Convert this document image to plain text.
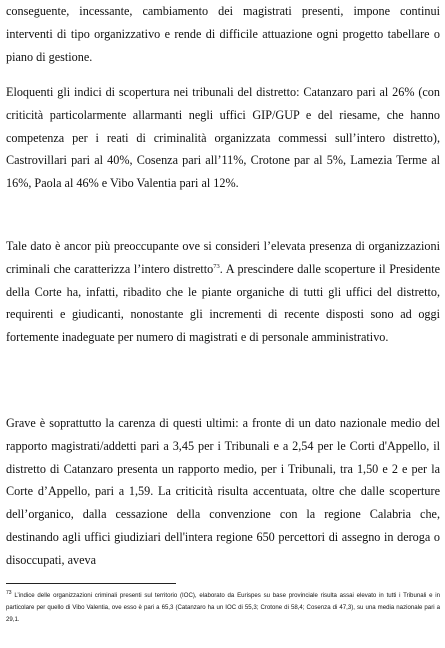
conseguente, incessante, cambiamento dei magistrati presenti, impone continui interventi di tipo organizzativo e rende di difficile attuazione ogni progetto tabellare o piano di gestione.

Eloquenti gli indici di scopertura nei tribunali del distretto: Catanzaro pari al 26% (con criticità particolarmente allarmanti negli uffici GIP/GUP e del riesame, che hanno competenza per i reati di criminalità organizzata commessi sull’intero distretto), Castrovillari pari al 40%, Cosenza pari all’11%, Crotone par al 5%, Lamezia Terme al 16%, Paola al 46% e Vibo Valentia pari al 12%.

Tale dato è ancor più preoccupante ove si consideri l’elevata presenza di organizzazioni criminali che caratterizza l’intero distretto$^{73}$. A prescindere dalle scoperture il Presidente della Corte ha, infatti, ribadito che le piante organiche di tutti gli uffici del distretto, requirenti e giudicanti, nonostante gli incrementi di recente disposti sono ad oggi fortemente inadeguate per numero di magistrati e di personale amministrativo.

Grave è soprattutto la carenza di questi ultimi: a fronte di un dato nazionale medio del rapporto magistrati/addetti pari a 3,45 per i Tribunali e a 2,54 per le Corti d'Appello, il distretto di Catanzaro presenta un rapporto medio, per i Tribunali, tra 1,50 e 2 e per la Corte d’Appello, pari a 1,59. La criticità risulta accentuata, oltre che dalle scoperture dell’organico, dalla cessazione della convenzione con la regione Calabria che, destinando agli uffici giudiziari dell'intera regione 650 percettori di assegno in deroga o disoccupati, aveva

$^{73}$ L’indice delle organizzazioni criminali presenti sul territorio (IOC), elaborato da Eurispes su base provinciale risulta assai elevato in tutti i Tribunali e in particolare per quello di Vibo Valentia, ove esso è pari a 65,3 (Catanzaro ha un IOC di 55,3; Crotone di 58,4; Cosenza di 47,3), su una media nazionale pari a 29,1.
